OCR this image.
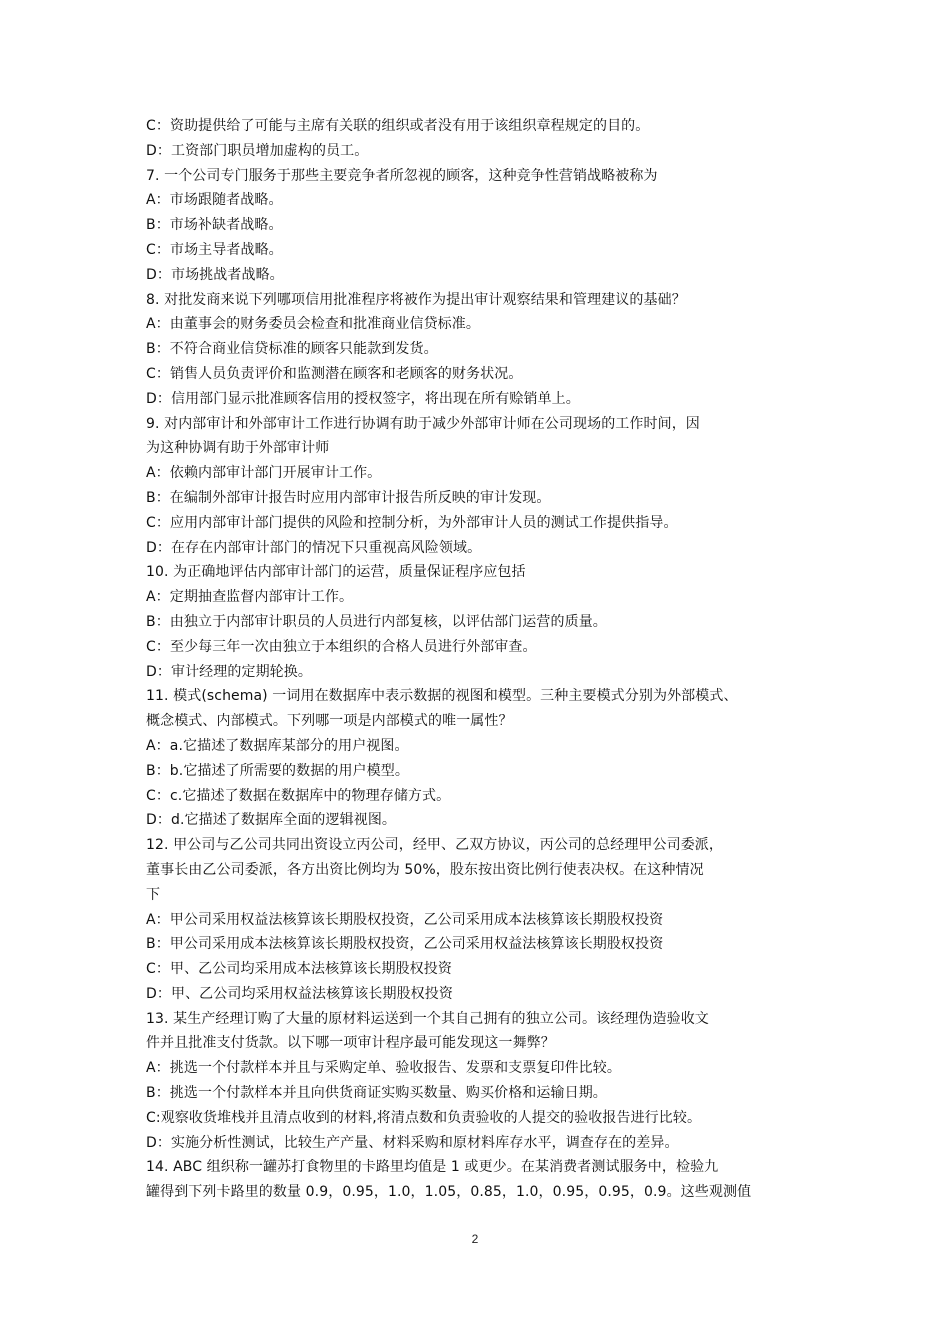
C：资助提供给了可能与主席有关联的组织或者没有用于该组织章程规定的目的。
D：工资部门职员增加虚构的员工。
7. 一个公司专门服务于那些主要竞争者所忽视的顾客，这种竞争性营销战略被称为
A：市场跟随者战略。
B：市场补缺者战略。
C：市场主导者战略。
D：市场挑战者战略。
8. 对批发商来说下列哪项信用批准程序将被作为提出审计观察结果和管理建议的基础？
A：由董事会的财务委员会检查和批准商业信贷标准。
B：不符合商业信贷标准的顾客只能款到发货。
C：销售人员负责评价和监测潜在顾客和老顾客的财务状况。
D：信用部门显示批准顾客信用的授权签字，将出现在所有赊销单上。
9. 对内部审计和外部审计工作进行协调有助于减少外部审计师在公司现场的工作时间，因
为这种协调有助于外部审计师
A：依赖内部审计部门开展审计工作。
B：在编制外部审计报告时应用内部审计报告所反映的审计发现。
C：应用内部审计部门提供的风险和控制分析，为外部审计人员的测试工作提供指导。
D：在存在内部审计部门的情况下只重视高风险领域。
10. 为正确地评估内部审计部门的运营，质量保证程序应包括
A：定期抽查监督内部审计工作。
B：由独立于内部审计职员的人员进行内部复核，以评估部门运营的质量。
C：至少每三年一次由独立于本组织的合格人员进行外部审查。
D：审计经理的定期轮换。
11. 模式(schema) 一词用在数据库中表示数据的视图和模型。三种主要模式分别为外部模式、
概念模式、内部模式。下列哪一项是内部模式的唯一属性？
A：a.它描述了数据库某部分的用户视图。
B：b.它描述了所需要的数据的用户模型。
C：c.它描述了数据在数据库中的物理存储方式。
D：d.它描述了数据库全面的逻辑视图。
12. 甲公司与乙公司共同出资设立丙公司，经甲、乙双方协议，丙公司的总经理甲公司委派，
董事长由乙公司委派，各方出资比例均为 50%，股东按出资比例行使表决权。在这种情况
下
A：甲公司采用权益法核算该长期股权投资，乙公司采用成本法核算该长期股权投资
B：甲公司采用成本法核算该长期股权投资，乙公司采用权益法核算该长期股权投资
C：甲、乙公司均采用成本法核算该长期股权投资
D：甲、乙公司均采用权益法核算该长期股权投资
13. 某生产经理订购了大量的原材料运送到一个其自己拥有的独立公司。该经理伪造验收文
件并且批准支付货款。以下哪一项审计程序最可能发现这一舞弊？
A：挑选一个付款样本并且与采购定单、验收报告、发票和支票复印件比较。
B：挑选一个付款样本并且向供货商证实购买数量、购买价格和运输日期。
C:观察收货堆栈并且清点收到的材料,将清点数和负责验收的人提交的验收报告进行比较。
D：实施分析性测试，比较生产产量、材料采购和原材料库存水平，调查存在的差异。
14. ABC 组织称一罐苏打食物里的卡路里均值是 1 或更少。在某消费者测试服务中，检验九
罐得到下列卡路里的数量 0.9，0.95，1.0，1.05，0.85，1.0，0.95，0.95，0.9。这些观测值
2
